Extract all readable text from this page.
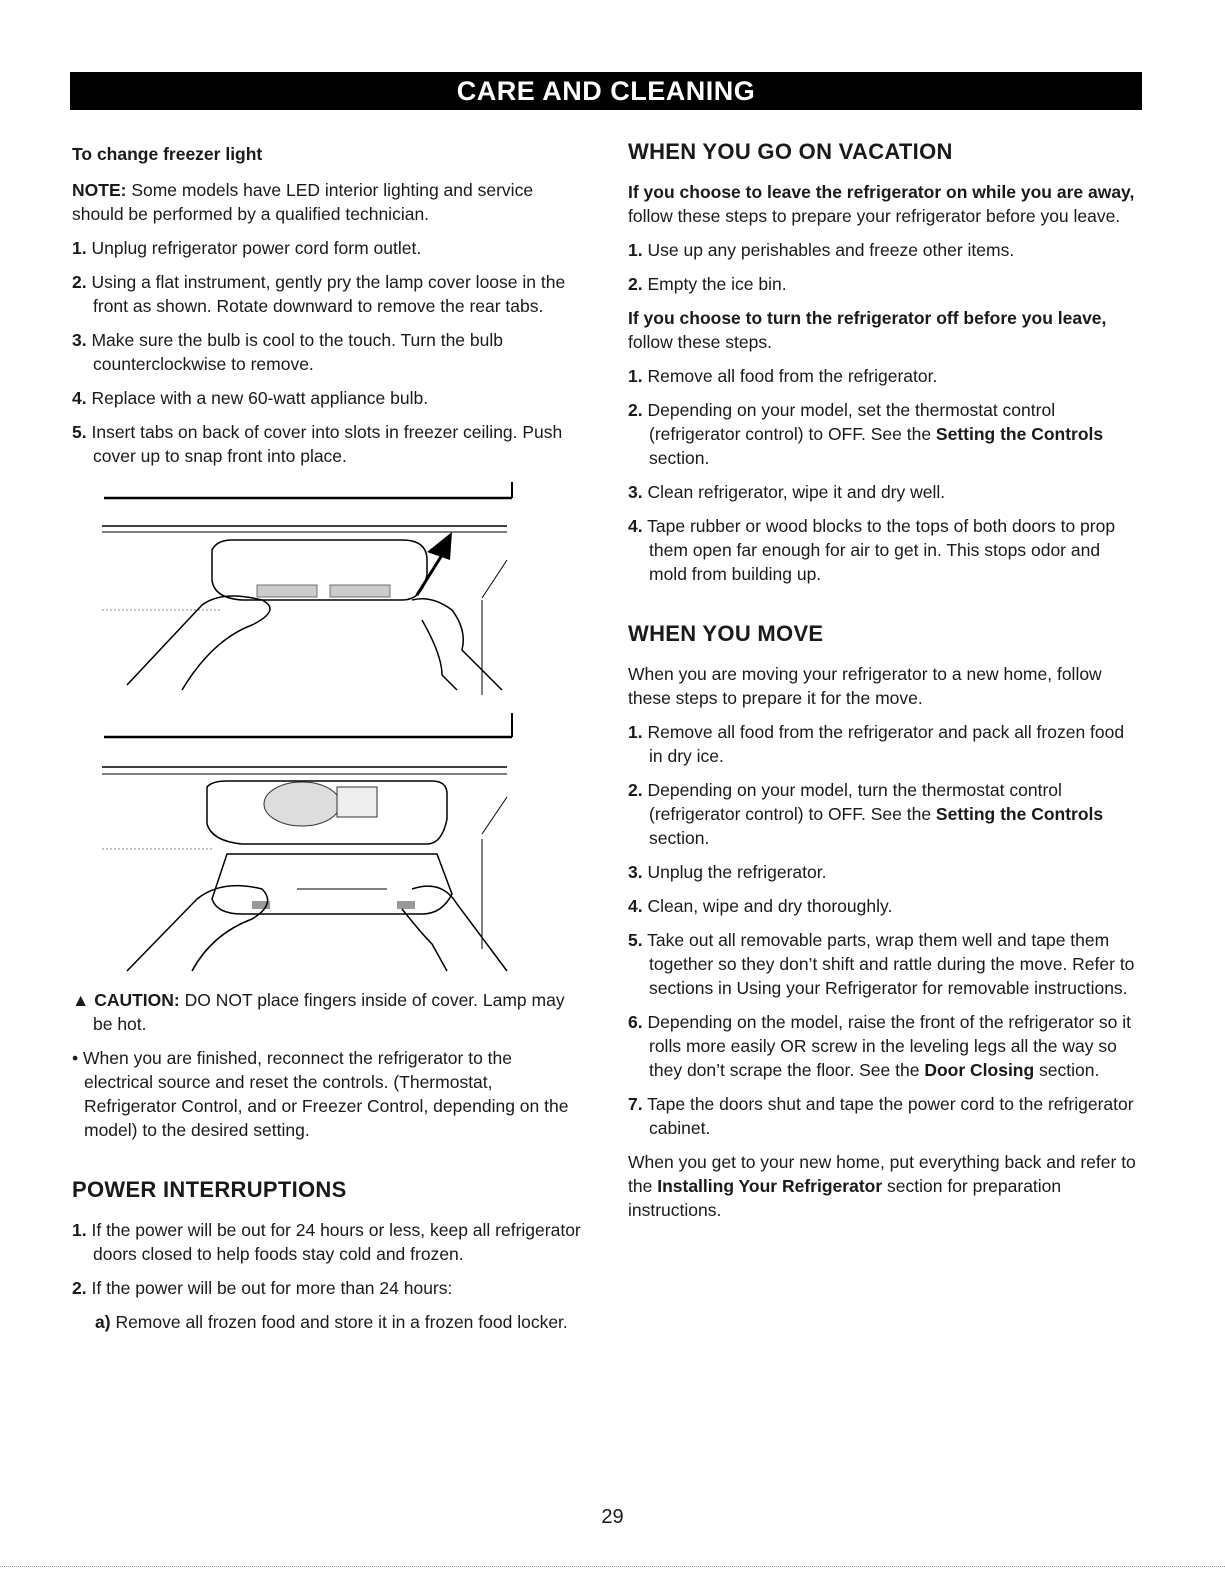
CARE AND CLEANING
To change freezer light

NOTE: Some models have LED interior lighting and service should be performed by a qualified technician.

1. Unplug refrigerator power cord form outlet.
2. Using a flat instrument, gently pry the lamp cover loose in the front as shown. Rotate downward to remove the rear tabs.
3. Make sure the bulb is cool to the touch. Turn the bulb counterclockwise to remove.
4. Replace with a new 60-watt appliance bulb.
5. Insert tabs on back of cover into slots in freezer ceiling. Push cover up to snap front into place.
▲ CAUTION: DO NOT place fingers inside of cover. Lamp may be hot.
• When you are finished, reconnect the refrigerator to the electrical source and reset the controls. (Thermostat, Refrigerator Control, and or Freezer Control, depending on the model) to the desired setting.
POWER INTERRUPTIONS
1. If the power will be out for 24 hours or less, keep all refrigerator doors closed to help foods stay cold and frozen.
2. If the power will be out for more than 24 hours:
a) Remove all frozen food and store it in a frozen food locker.
WHEN YOU GO ON VACATION

If you choose to leave the refrigerator on while you are away, follow these steps to prepare your refrigerator before you leave.

1. Use up any perishables and freeze other items.
2. Empty the ice bin.

If you choose to turn the refrigerator off before you leave, follow these steps.

1. Remove all food from the refrigerator.
2. Depending on your model, set the thermostat control (refrigerator control) to OFF. See the Setting the Controls section.
3. Clean refrigerator, wipe it and dry well.
4. Tape rubber or wood blocks to the tops of both doors to prop them open far enough for air to get in. This stops odor and mold from building up.
WHEN YOU MOVE

When you are moving your refrigerator to a new home, follow these steps to prepare it for the move.

1. Remove all food from the refrigerator and pack all frozen food in dry ice.
2. Depending on your model, turn the thermostat control (refrigerator control) to OFF. See the Setting the Controls section.
3. Unplug the refrigerator.
4. Clean, wipe and dry thoroughly.
5. Take out all removable parts, wrap them well and tape them together so they don’t shift and rattle during the move. Refer to sections in Using your Refrigerator for removable instructions.
6. Depending on the model, raise the front of the refrigerator so it rolls more easily OR screw in the leveling legs all the way so they don’t scrape the floor. See the Door Closing section.
7. Tape the doors shut and tape the power cord to the refrigerator cabinet.

When you get to your new home, put everything back and refer to the Installing Your Refrigerator section for preparation instructions.

29
